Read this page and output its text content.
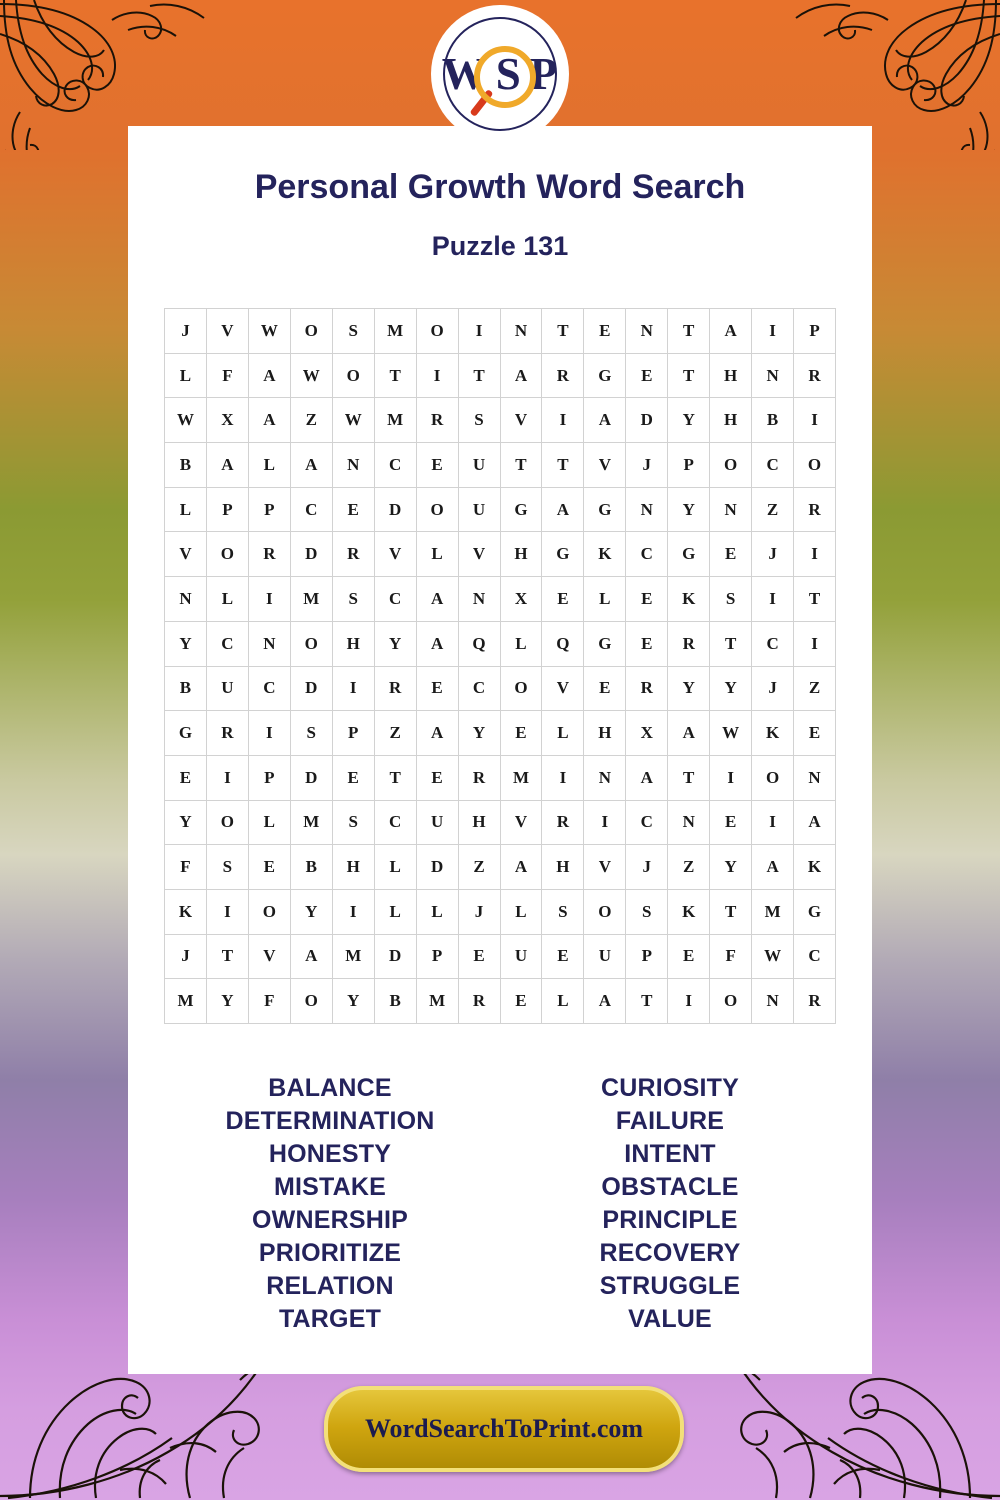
Personal Growth Word Search
Puzzle 131
J	V	W	O	S	M	O	I	N	T	E	N	T	A	I	P
L	F	A	W	O	T	I	T	A	R	G	E	T	H	N	R
W	X	A	Z	W	M	R	S	V	I	A	D	Y	H	B	I
B	A	L	A	N	C	E	U	T	T	V	J	P	O	C	O
L	P	P	C	E	D	O	U	G	A	G	N	Y	N	Z	R
V	O	R	D	R	V	L	V	H	G	K	C	G	E	J	I
N	L	I	M	S	C	A	N	X	E	L	E	K	S	I	T
Y	C	N	O	H	Y	A	Q	L	Q	G	E	R	T	C	I
B	U	C	D	I	R	E	C	O	V	E	R	Y	Y	J	Z
G	R	I	S	P	Z	A	Y	E	L	H	X	A	W	K	E
E	I	P	D	E	T	E	R	M	I	N	A	T	I	O	N
Y	O	L	M	S	C	U	H	V	R	I	C	N	E	I	A
F	S	E	B	H	L	D	Z	A	H	V	J	Z	Y	A	K
K	I	O	Y	I	L	L	J	L	S	O	S	K	T	M	G
J	T	V	A	M	D	P	E	U	E	U	P	E	F	W	C
M	Y	F	O	Y	B	M	R	E	L	A	T	I	O	N	R
BALANCE
DETERMINATION
HONESTY
MISTAKE
OWNERSHIP
PRIORITIZE
RELATION
TARGET
CURIOSITY
FAILURE
INTENT
OBSTACLE
PRINCIPLE
RECOVERY
STRUGGLE
VALUE
WSP
WordSearchToPrint.com
